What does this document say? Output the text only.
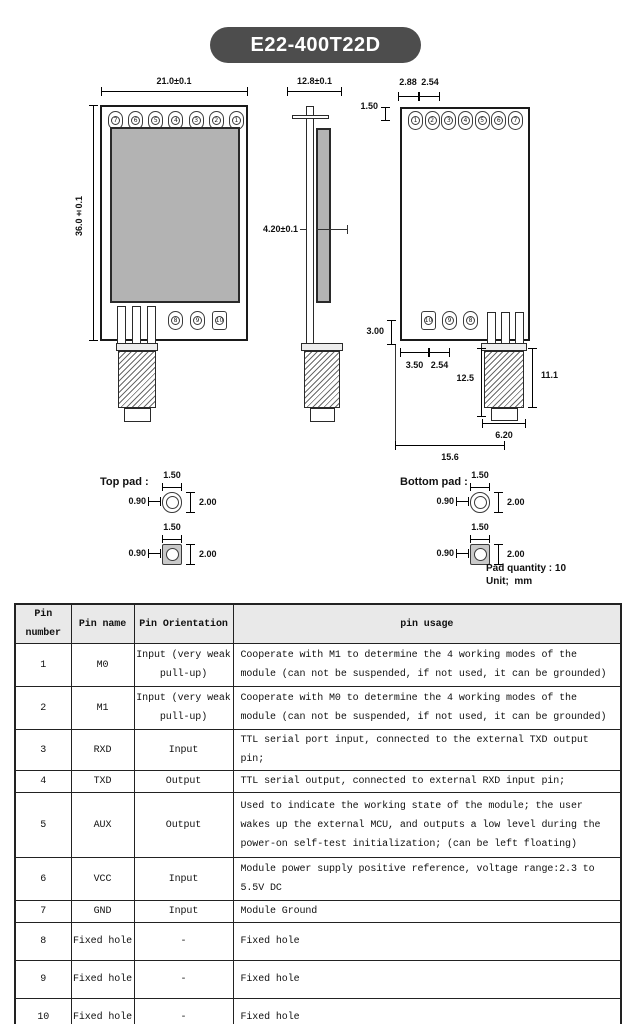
E22-400T22D
21.0±0.1
36.0±0.1
7	6	5	4	3	2	1
8	9	10
12.8±0.1
4.20±0.1
2.88 2.54
1.50
1	2	3	4	5	6	7
10	9	8
3.00
3.50 2.54
12.5	11.1
6.20
15.6
Top pad :
1.50
0.90	2.00
1.50
0.90	2.00
Bottom pad :
1.50
0.90	2.00
1.50
0.90	2.00
Pad quantity : 10
Unit;  mm
Pin number	Pin name	Pin Orientation	pin usage
1	M0	Input (very weak pull-up)	Cooperate with M1 to determine the 4 working modes of the module (can not be suspended, if not used, it can be grounded)
2	M1	Input (very weak pull-up)	Cooperate with M0 to determine the 4 working modes of the module (can not be suspended, if not used, it can be grounded)
3	RXD	Input	TTL serial port input, connected to the external TXD output pin;
4	TXD	Output	TTL serial output, connected to external RXD input pin;
5	AUX	Output	Used to indicate the working state of the module; the user wakes up the external MCU, and outputs a low level during the power-on self-test initialization; (can be left floating)
6	VCC	Input	Module power supply positive reference, voltage range:2.3 to 5.5V DC
7	GND	Input	Module Ground
8	Fixed hole	-	Fixed hole
9	Fixed hole	-	Fixed hole
10	Fixed hole	-	Fixed hole
